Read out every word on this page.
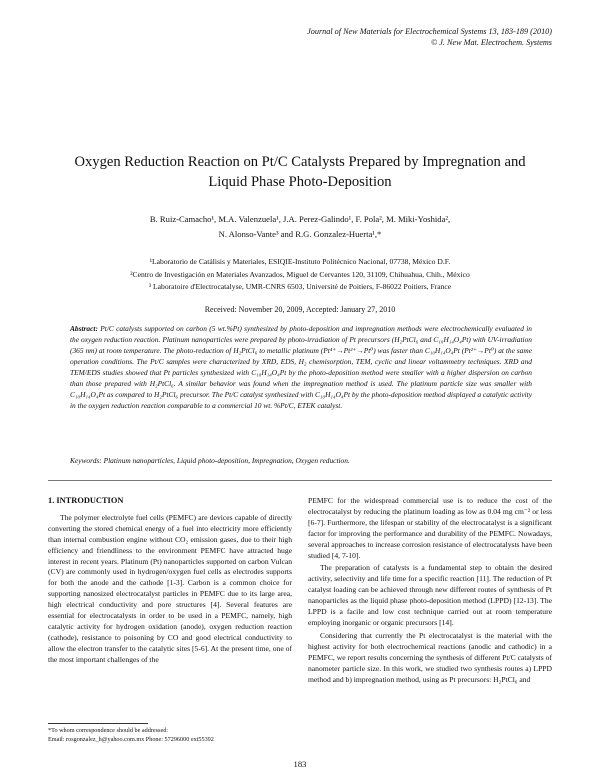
Journal of New Materials for Electrochemical Systems 13, 183-189 (2010)
© J. New Mat. Electrochem. Systems
Oxygen Reduction Reaction on Pt/C Catalysts Prepared by Impregnation and
Liquid Phase Photo-Deposition
B. Ruiz-Camacho¹, M.A. Valenzuela¹, J.A. Perez-Galindo¹, F. Pola², M. Miki-Yoshida²,
N. Alonso-Vante³ and R.G. Gonzalez-Huerta¹,*
¹Laboratorio de Catálisis y Materiales, ESIQIE-Instituto Politécnico Nacional, 07738, México D.F.
²Centro de Investigación en Materiales Avanzados, Miguel de Cervantes 120, 31109, Chihuahua, Chih., México
³ Laboratoire d'Electrocatalyse, UMR-CNRS 6503, Université de Poitiers, F-86022 Poitiers, France
Received: November 20, 2009, Accepted: January 27, 2010
Abstract: Pt/C catalysts supported on carbon (5 wt.%Pt) synthesized by photo-deposition and impregnation methods were electrochemically evaluated in the oxygen reduction reaction. Platinum nanoparticles were prepared by photo-irradiation of Pt precursors (H₂PtCl₆ and C₁₀H₁₄O₄Pt) with UV-irradiation (365 nm) at room temperature. The photo-reduction of H₂PtCl₆ to metallic platinum (Pt⁴⁺→Pt²⁺→Pt⁰) was faster than C₁₀H₁₄O₄Pt (Pt²⁺→Pt⁰) at the same operation conditions. The Pt/C samples were characterized by XRD, EDS, H₂ chemisorption, TEM, cyclic and linear voltammetry techniques. XRD and TEM/EDS studies showed that Pt particles synthesized with C₁₀H₁₄O₄Pt by the photo-deposition method were smaller with a higher dispersion on carbon than those prepared with H₂PtCl₆. A similar behavior was found when the impregnation method is used. The platinum particle size was smaller with C₁₀H₁₄O₄Pt as compared to H₂PtCl₆ precursor. The Pt/C catalyst synthesized with C₁₀H₁₄O₄Pt by the photo-deposition method displayed a catalytic activity in the oxygen reduction reaction comparable to a commercial 10 wt. %Pt/C, ETEK catalyst.
Keywords: Platinum nanoparticles, Liquid photo-deposition, Impregnation, Oxygen reduction.

1. INTRODUCTION

The polymer electrolyte fuel cells (PEMFC) are devices capable of directly converting the stored chemical energy of a fuel into electricity more efficiently than internal combustion engine without CO₂ emission gases, due to their high efficiency and friendliness to the environment PEMFC have attracted huge interest in recent years. Platinum (Pt) nanoparticles supported on carbon Vulcan (CV) are commonly used in hydrogen/oxygen fuel cells as electrodes supports for both the anode and the cathode [1-3]. Carbon is a common choice for supporting nanosized electrocatalyst particles in PEMFC due to its large area, high electrical conductivity and pore structures [4]. Several features are essential for electrocatalysts in order to be used in a PEMFC, namely, high catalytic activity for hydrogen oxidation (anode), oxygen reduction reaction (cathode), resistance to poisoning by CO and good electrical conductivity to allow the electron transfer to the catalytic sites [5-6]. At the present time, one of the most important challenges of the

PEMFC for the widespread commercial use is to reduce the cost of the electrocatalyst by reducing the platinum loading as low as 0.04 mg cm⁻² or less [6-7]. Furthermore, the lifespan or stability of the electrocatalyst is a significant factor for improving the performance and durability of the PEMFC. Nowadays, several approaches to increase corrosion resistance of electrocatalysts have been studied [4, 7-10].

The preparation of catalysts is a fundamental step to obtain the desired activity, selectivity and life time for a specific reaction [11]. The reduction of Pt catalyst loading can be achieved through new different routes of synthesis of Pt nanoparticles as the liquid phase photo-deposition method (LPPD) [12-13]. The LPPD is a facile and low cost technique carried out at room temperature employing inorganic or organic precursors [14].

Considering that currently the Pt electrocatalyst is the material with the highest activity for both electrochemical reactions (anodic and cathodic) in a PEMFC, we report results concerning the synthesis of different Pt/C catalysts of nanometer particle size. In this work, we studied two synthesis routes a) LPPD method and b) impregnation method, using as Pt precursors: H₂PtCl₆ and

*To whom correspondence should be addressed:
Email: rosgonzalez_h@yahoo.com.mx Phone: 57296000 ext55392
183
